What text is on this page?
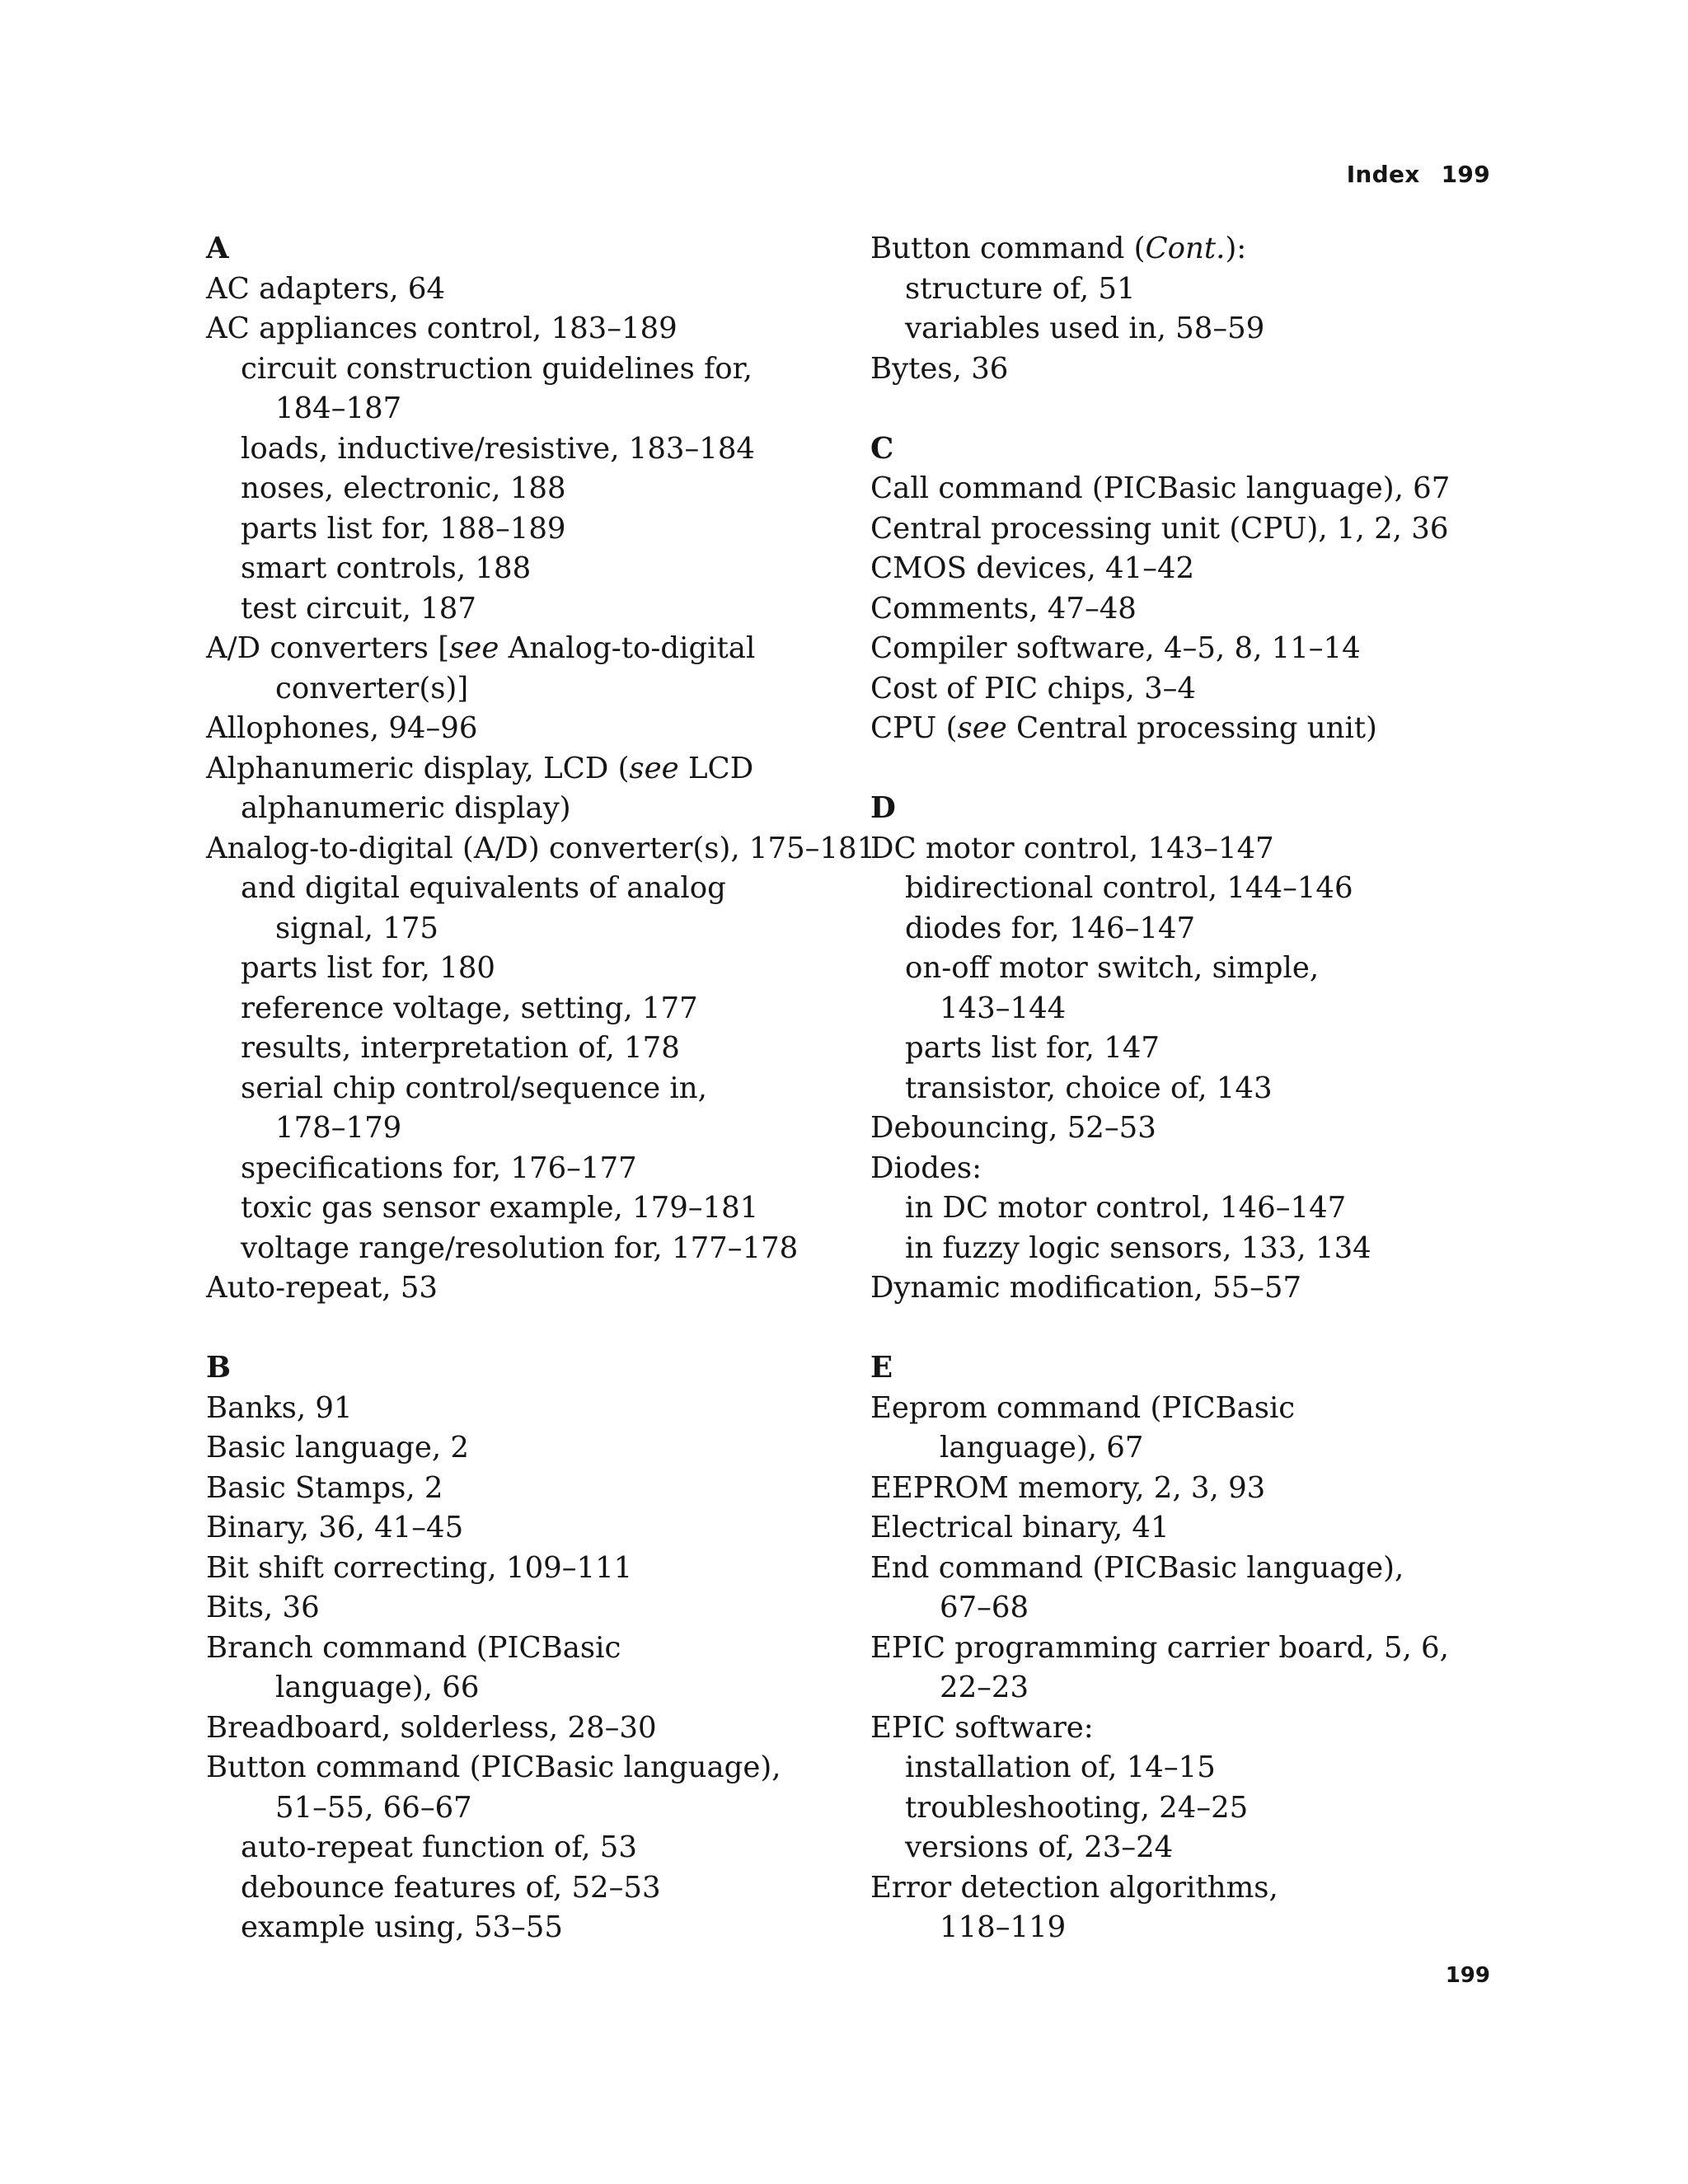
Index 199
A
AC adapters, 64
AC appliances control, 183–189
circuit construction guidelines for,
184–187
loads, inductive/resistive, 183–184
noses, electronic, 188
parts list for, 188–189
smart controls, 188
test circuit, 187
A/D converters [see Analog-to-digital
converter(s)]
Allophones, 94–96
Alphanumeric display, LCD (see LCD
alphanumeric display)
Analog-to-digital (A/D) converter(s), 175–181
and digital equivalents of analog
signal, 175
parts list for, 180
reference voltage, setting, 177
results, interpretation of, 178
serial chip control/sequence in,
178–179
specifications for, 176–177
toxic gas sensor example, 179–181
voltage range/resolution for, 177–178
Auto-repeat, 53
B
Banks, 91
Basic language, 2
Basic Stamps, 2
Binary, 36, 41–45
Bit shift correcting, 109–111
Bits, 36
Branch command (PICBasic
language), 66
Breadboard, solderless, 28–30
Button command (PICBasic language),
51–55, 66–67
auto-repeat function of, 53
debounce features of, 52–53
example using, 53–55
Button command (Cont.):
structure of, 51
variables used in, 58–59
Bytes, 36
C
Call command (PICBasic language), 67
Central processing unit (CPU), 1, 2, 36
CMOS devices, 41–42
Comments, 47–48
Compiler software, 4–5, 8, 11–14
Cost of PIC chips, 3–4
CPU (see Central processing unit)
D
DC motor control, 143–147
bidirectional control, 144–146
diodes for, 146–147
on-off motor switch, simple,
143–144
parts list for, 147
transistor, choice of, 143
Debouncing, 52–53
Diodes:
in DC motor control, 146–147
in fuzzy logic sensors, 133, 134
Dynamic modification, 55–57
E
Eeprom command (PICBasic
language), 67
EEPROM memory, 2, 3, 93
Electrical binary, 41
End command (PICBasic language),
67–68
EPIC programming carrier board, 5, 6,
22–23
EPIC software:
installation of, 14–15
troubleshooting, 24–25
versions of, 23–24
Error detection algorithms,
118–119
199
